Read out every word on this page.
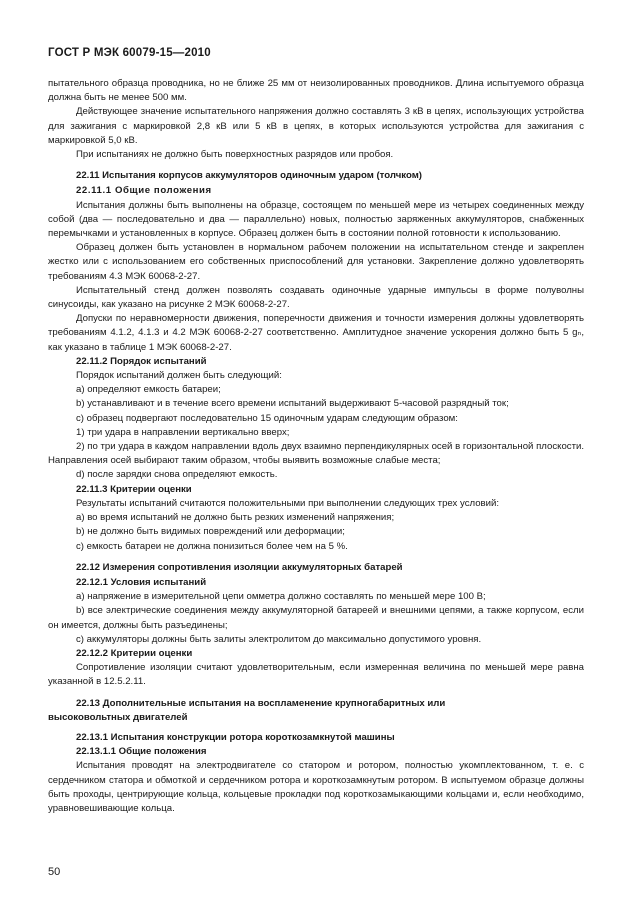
ГОСТ Р МЭК 60079-15—2010

пытательного образца проводника, но не ближе 25 мм от неизолированных проводников. Длина испытуемого образца должна быть не менее 500 мм.

Действующее значение испытательного напряжения должно составлять 3 кВ в цепях, использующих устройства для зажигания с маркировкой 2,8 кВ или 5 кВ в цепях, в которых используются устройства для зажигания с маркировкой 5,0 кВ.

При испытаниях не должно быть поверхностных разрядов или пробоя.

22.11 Испытания корпусов аккумуляторов одиночным ударом (толчком)

22.11.1 Общие положения

Испытания должны быть выполнены на образце, состоящем по меньшей мере из четырех соединенных между собой (два — последовательно и два — параллельно) новых, полностью заряженных аккумуляторов, снабженных перемычками и установленных в корпусе. Образец должен быть в состоянии полной готовности к использованию.

Образец должен быть установлен в нормальном рабочем положении на испытательном стенде и закреплен жестко или с использованием его собственных приспособлений для установки. Закрепление должно удовлетворять требованиям 4.3 МЭК 60068-2-27.

Испытательный стенд должен позволять создавать одиночные ударные импульсы в форме полуволны синусоиды, как указано на рисунке 2 МЭК 60068-2-27.

Допуски по неравномерности движения, поперечности движения и точности измерения должны удовлетворять требованиям 4.1.2, 4.1.3 и 4.2 МЭК 60068-2-27 соответственно. Амплитудное значение ускорения должно быть 5 gₙ, как указано в таблице 1 МЭК 60068-2-27.

22.11.2 Порядок испытаний

Порядок испытаний должен быть следующий:

а) определяют емкость батареи;

b) устанавливают и в течение всего времени испытаний выдерживают 5-часовой разрядный ток;

с) образец подвергают последовательно 15 одиночным ударам следующим образом:

1) три удара в направлении вертикально вверх;

2) по три удара в каждом направлении вдоль двух взаимно перпендикулярных осей в горизонтальной плоскости. Направления осей выбирают таким образом, чтобы выявить возможные слабые места;

d) после зарядки снова определяют емкость.

22.11.3 Критерии оценки

Результаты испытаний считаются положительными при выполнении следующих трех условий:

а) во время испытаний не должно быть резких изменений напряжения;

b) не должно быть видимых повреждений или деформации;

с) емкость батареи не должна понизиться более чем на 5 %.

22.12 Измерения сопротивления изоляции аккумуляторных батарей

22.12.1 Условия испытаний

а) напряжение в измерительной цепи омметра должно составлять по меньшей мере 100 В;

b) все электрические соединения между аккумуляторной батареей и внешними цепями, а также корпусом, если он имеется, должны быть разъединены;

с) аккумуляторы должны быть залиты электролитом до максимально допустимого уровня.

22.12.2 Критерии оценки

Сопротивление изоляции считают удовлетворительным, если измеренная величина по меньшей мере равна указанной в 12.5.2.11.

22.13 Дополнительные испытания на воспламенение крупногабаритных или высоковольтных двигателей

22.13.1 Испытания конструкции ротора короткозамкнутой машины

22.13.1.1 Общие положения

Испытания проводят на электродвигателе со статором и ротором, полностью укомплектованном, т. е. с сердечником статора и обмоткой и сердечником ротора и короткозамкнутым ротором. В испытуемом образце должны быть проходы, центрирующие кольца, кольцевые прокладки под короткозамыкающими кольцами и, если необходимо, уравновешивающие кольца.

50
